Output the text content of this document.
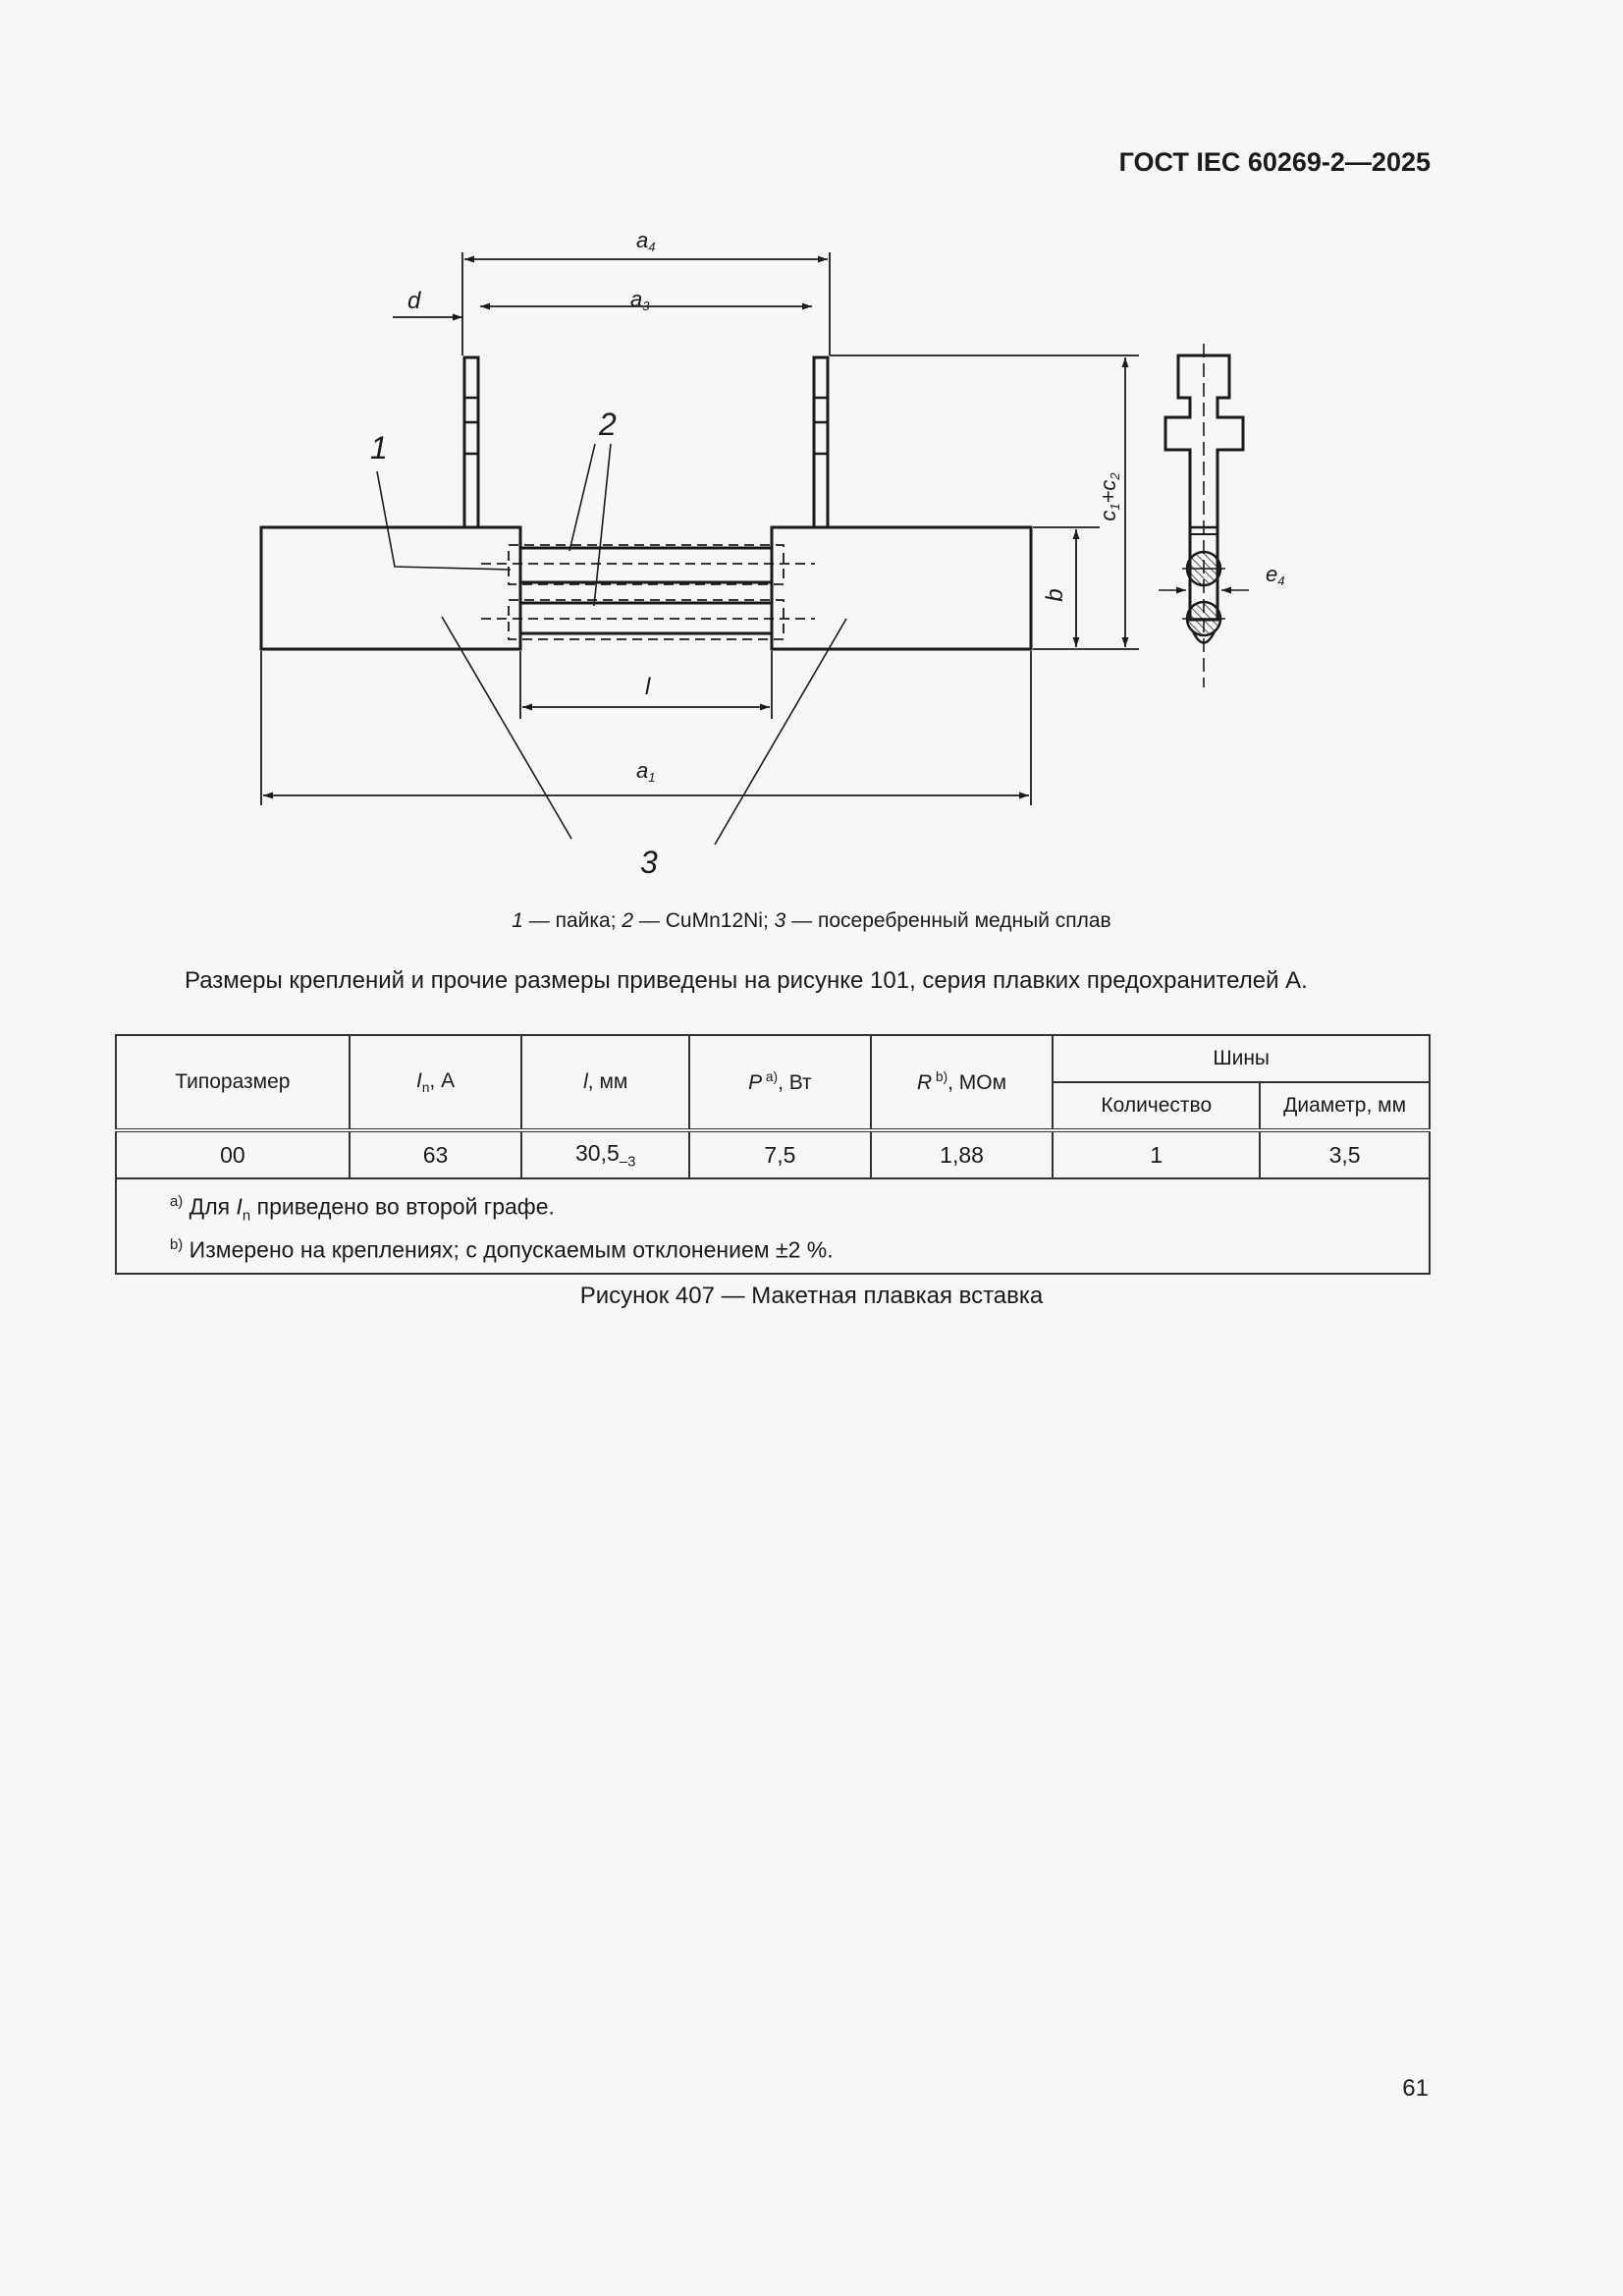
ГОСТ IEC 60269-2—2025
a4
a3
d
l
a1
b
c1+c2
e4
1
2
3
1 — пайка; 2 — CuMn12Ni; 3 — посеребренный медный сплав
Размеры креплений и прочие размеры приведены на рисунке 101, серия плавких предохранителей А.
Типоразмер	$I_n$, А	l, мм	P $^{a)}$, Вт	R $^{b)}$, МОм	Шины	
					Количество	Диаметр, мм
00	63	$30,5_{-3}$	7,5	1,88	1	3,5

$^{a)}$ Для $I_n$ приведено во второй графе.
$^{b)}$ Измерено на креплениях; с допускаемым отклонением ±2 %.						
Рисунок 407 — Макетная плавкая вставка
61
